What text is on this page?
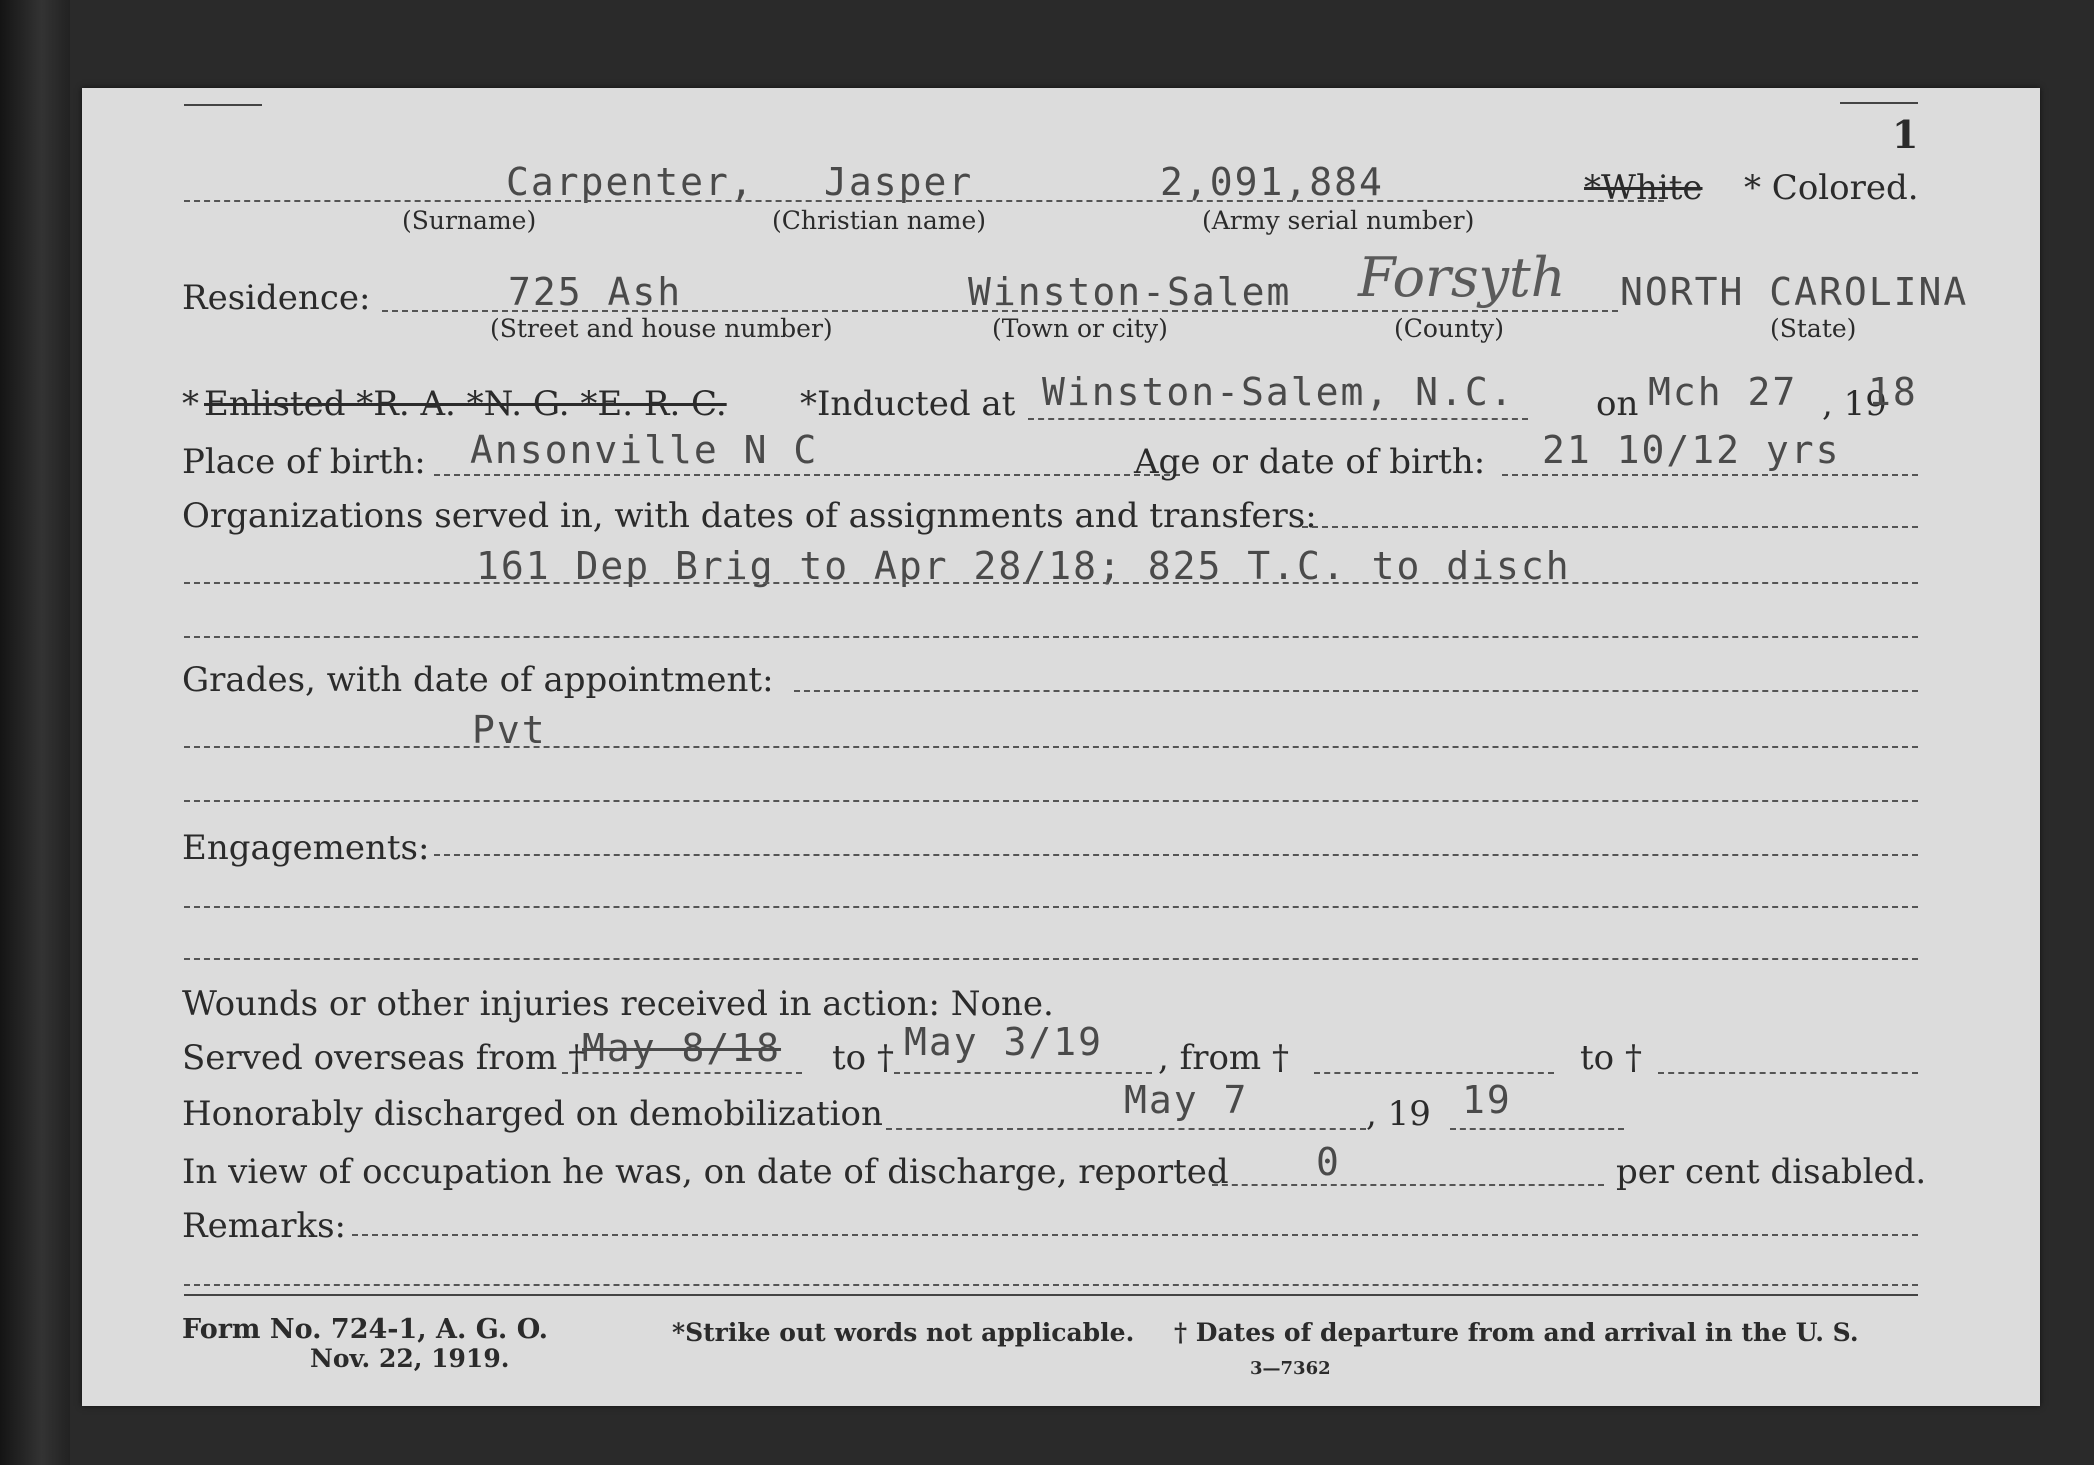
1
Carpenter, Jasper	2,091,884	*White * Colored.
(Surname)	(Christian name)	(Army serial number)
Residence:	725 Ash	Winston-Salem Forsyth NORTH CAROLINA
(Street and house number)	(Town or city)	(County)	(State)
* Enlisted *R. A. *N. G. *E. R. C. *Inducted at Winston-Salem, N.C. on Mch 27 , 19
18
Place of birth: Ansonville N C	Age or date of birth: 21 10/12 yrs
Organizations served in, with dates of assignments and transfers:
161 Dep Brig to Apr 28/18; 825 T.C. to disch
Grades, with date of appointment:
Pvt
Engagements:
Wounds or other injuries received in action: None.
Served overseas from †
May 8/18 to † May 3/19 , from †	to †
Honorably discharged on demobilization	May 7	, 19 19
In view of occupation he was, on date of discharge, reported 0	per cent disabled.
Remarks:
Form No. 724-1, A. G. O.
Nov. 22, 1919.
*Strike out words not applicable. † Dates of departure from and arrival in the U. S.
3—7362
